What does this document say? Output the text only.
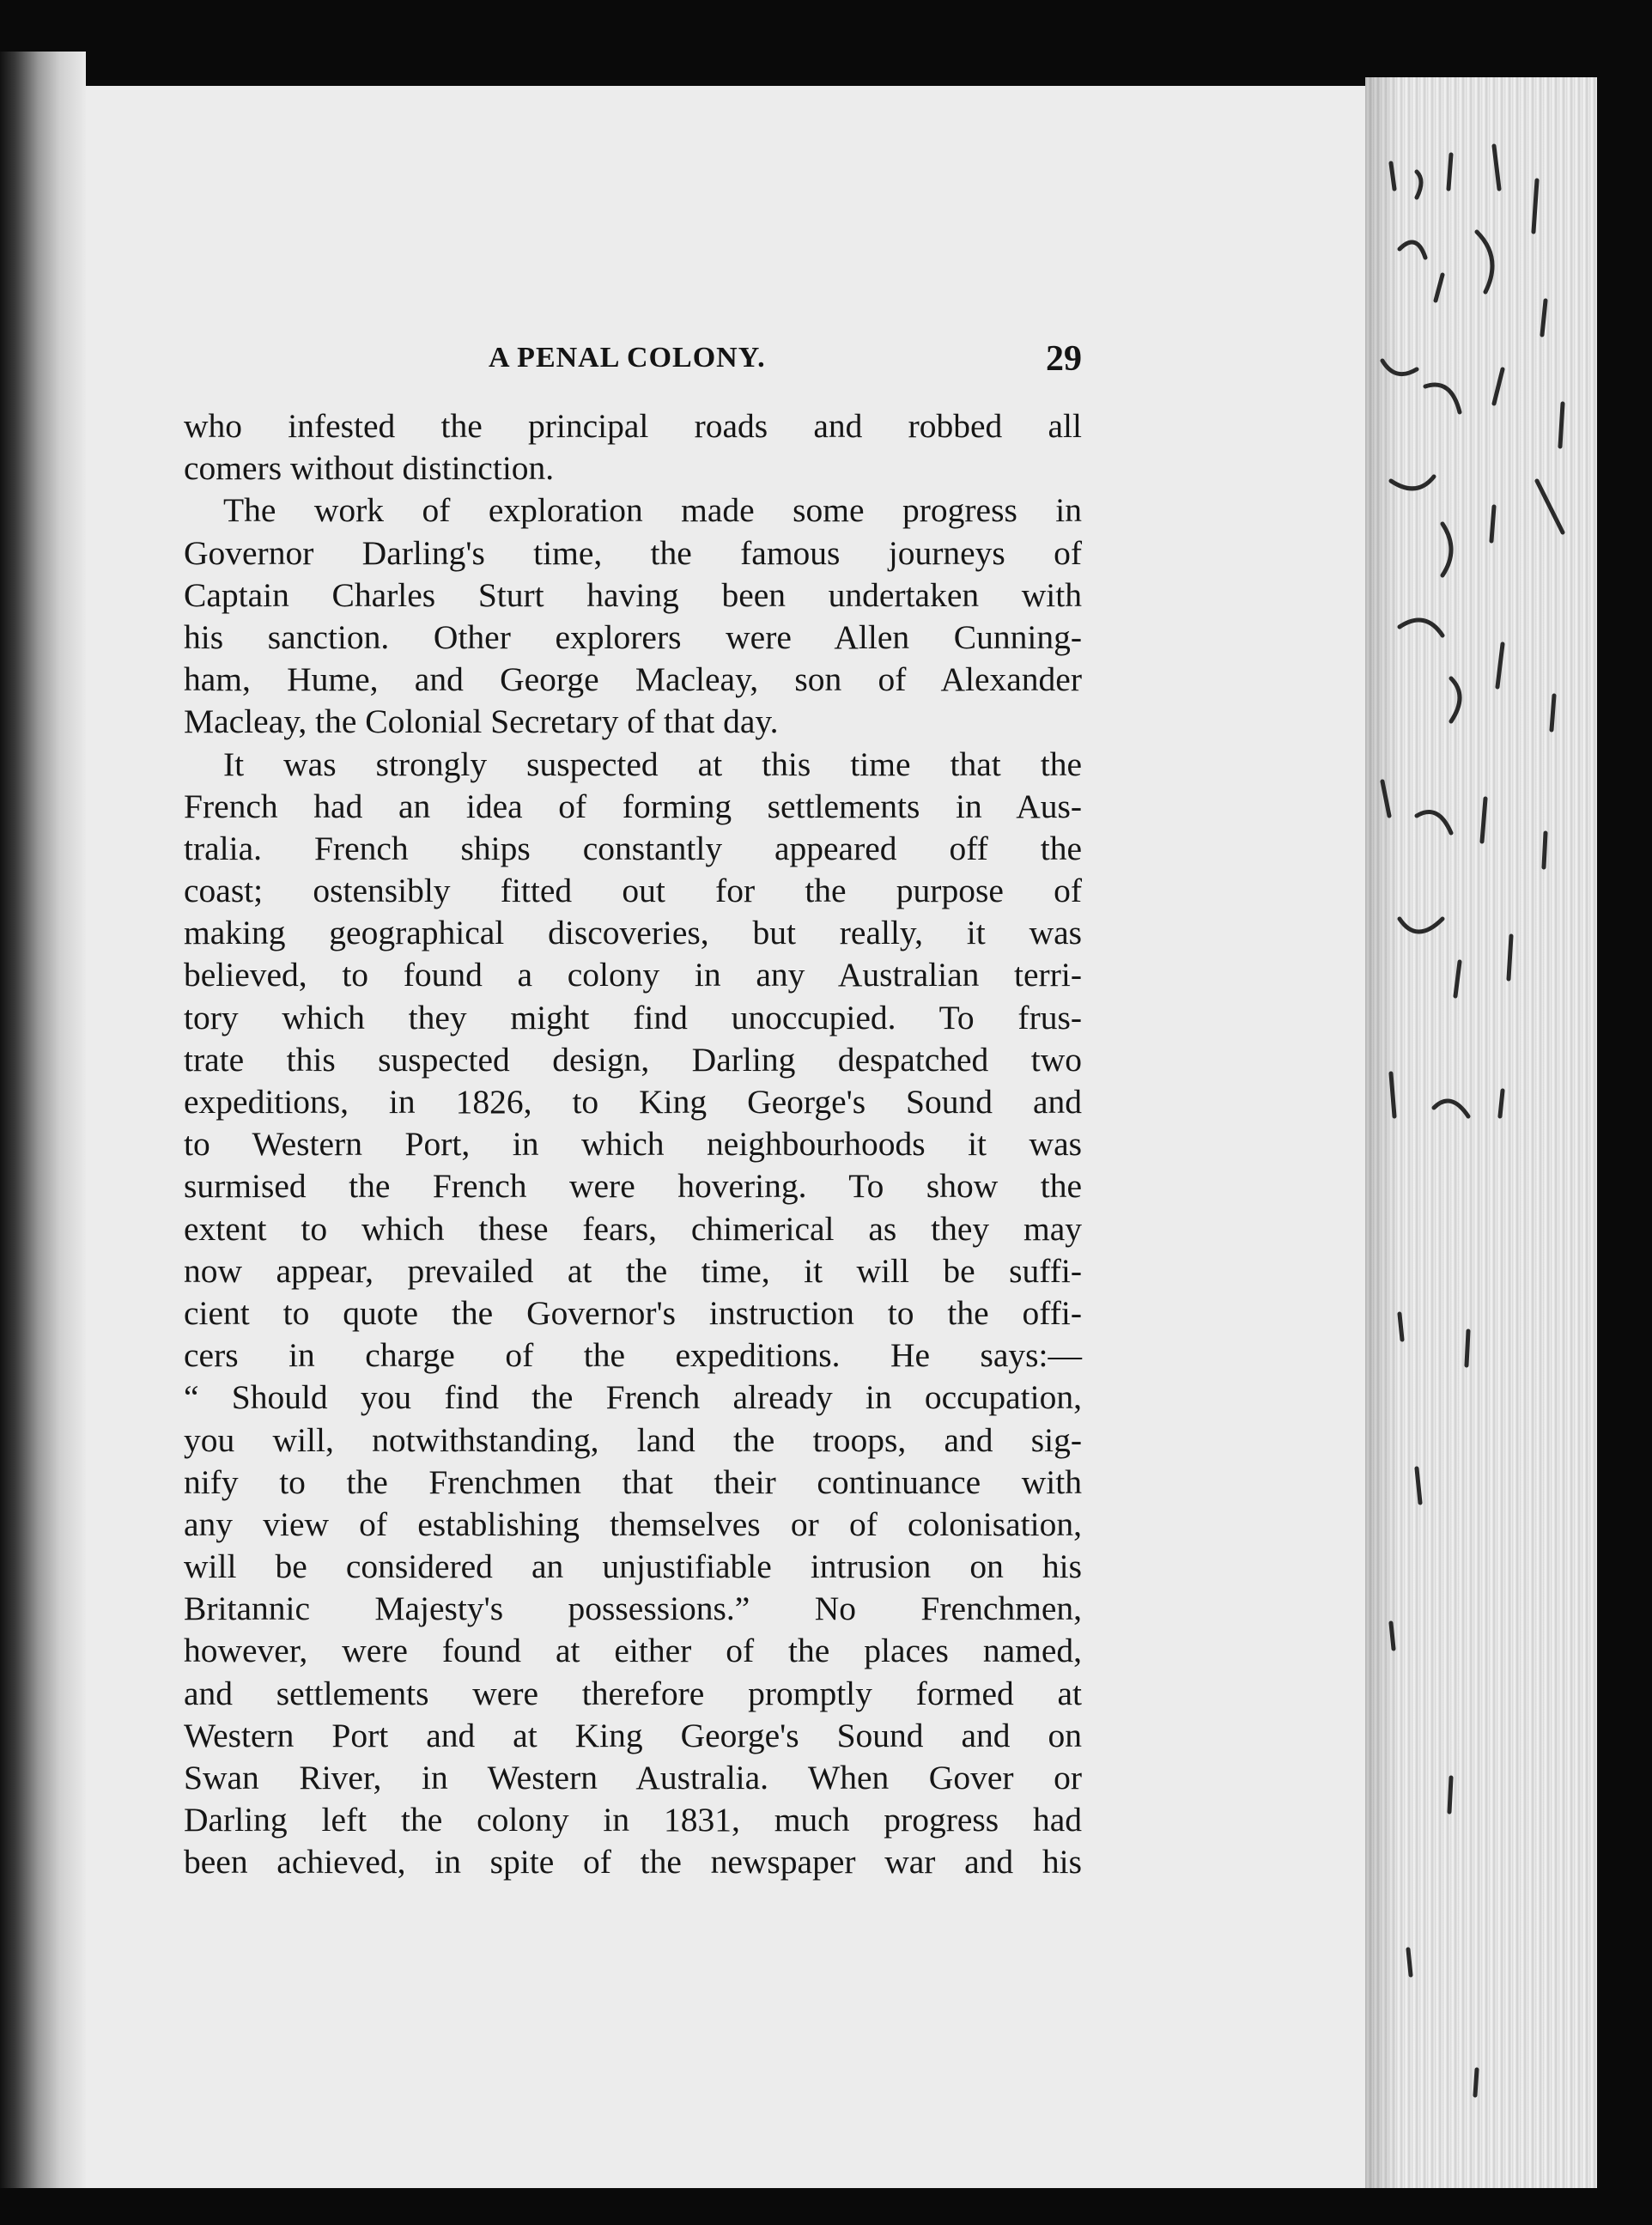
A PENAL COLONY.	29
who infested the principal roads and robbed all
comers without distinction.
The work of exploration made some progress in
Governor Darling's time, the famous journeys of
Captain Charles Sturt having been undertaken with
his sanction. Other explorers were Allen Cunning-
ham, Hume, and George Macleay, son of Alexander
Macleay, the Colonial Secretary of that day.
It was strongly suspected at this time that the
French had an idea of forming settlements in Aus-
tralia. French ships constantly appeared off the
coast; ostensibly fitted out for the purpose of
making geographical discoveries, but really, it was
believed, to found a colony in any Australian terri-
tory which they might find unoccupied. To frus-
trate this suspected design, Darling despatched two
expeditions, in 1826, to King George's Sound and
to Western Port, in which neighbourhoods it was
surmised the French were hovering. To show the
extent to which these fears, chimerical as they may
now appear, prevailed at the time, it will be suffi-
cient to quote the Governor's instruction to the offi-
cers in charge of the expeditions. He says:—
“ Should you find the French already in occupation,
you will, notwithstanding, land the troops, and sig-
nify to the Frenchmen that their continuance with
any view of establishing themselves or of colonisation,
will be considered an unjustifiable intrusion on his
Britannic Majesty's possessions.” No Frenchmen,
however, were found at either of the places named,
and settlements were therefore promptly formed at
Western Port and at King George's Sound and on
Swan River, in Western Australia. When Gover or
Darling left the colony in 1831, much progress had
been achieved, in spite of the newspaper war and his
